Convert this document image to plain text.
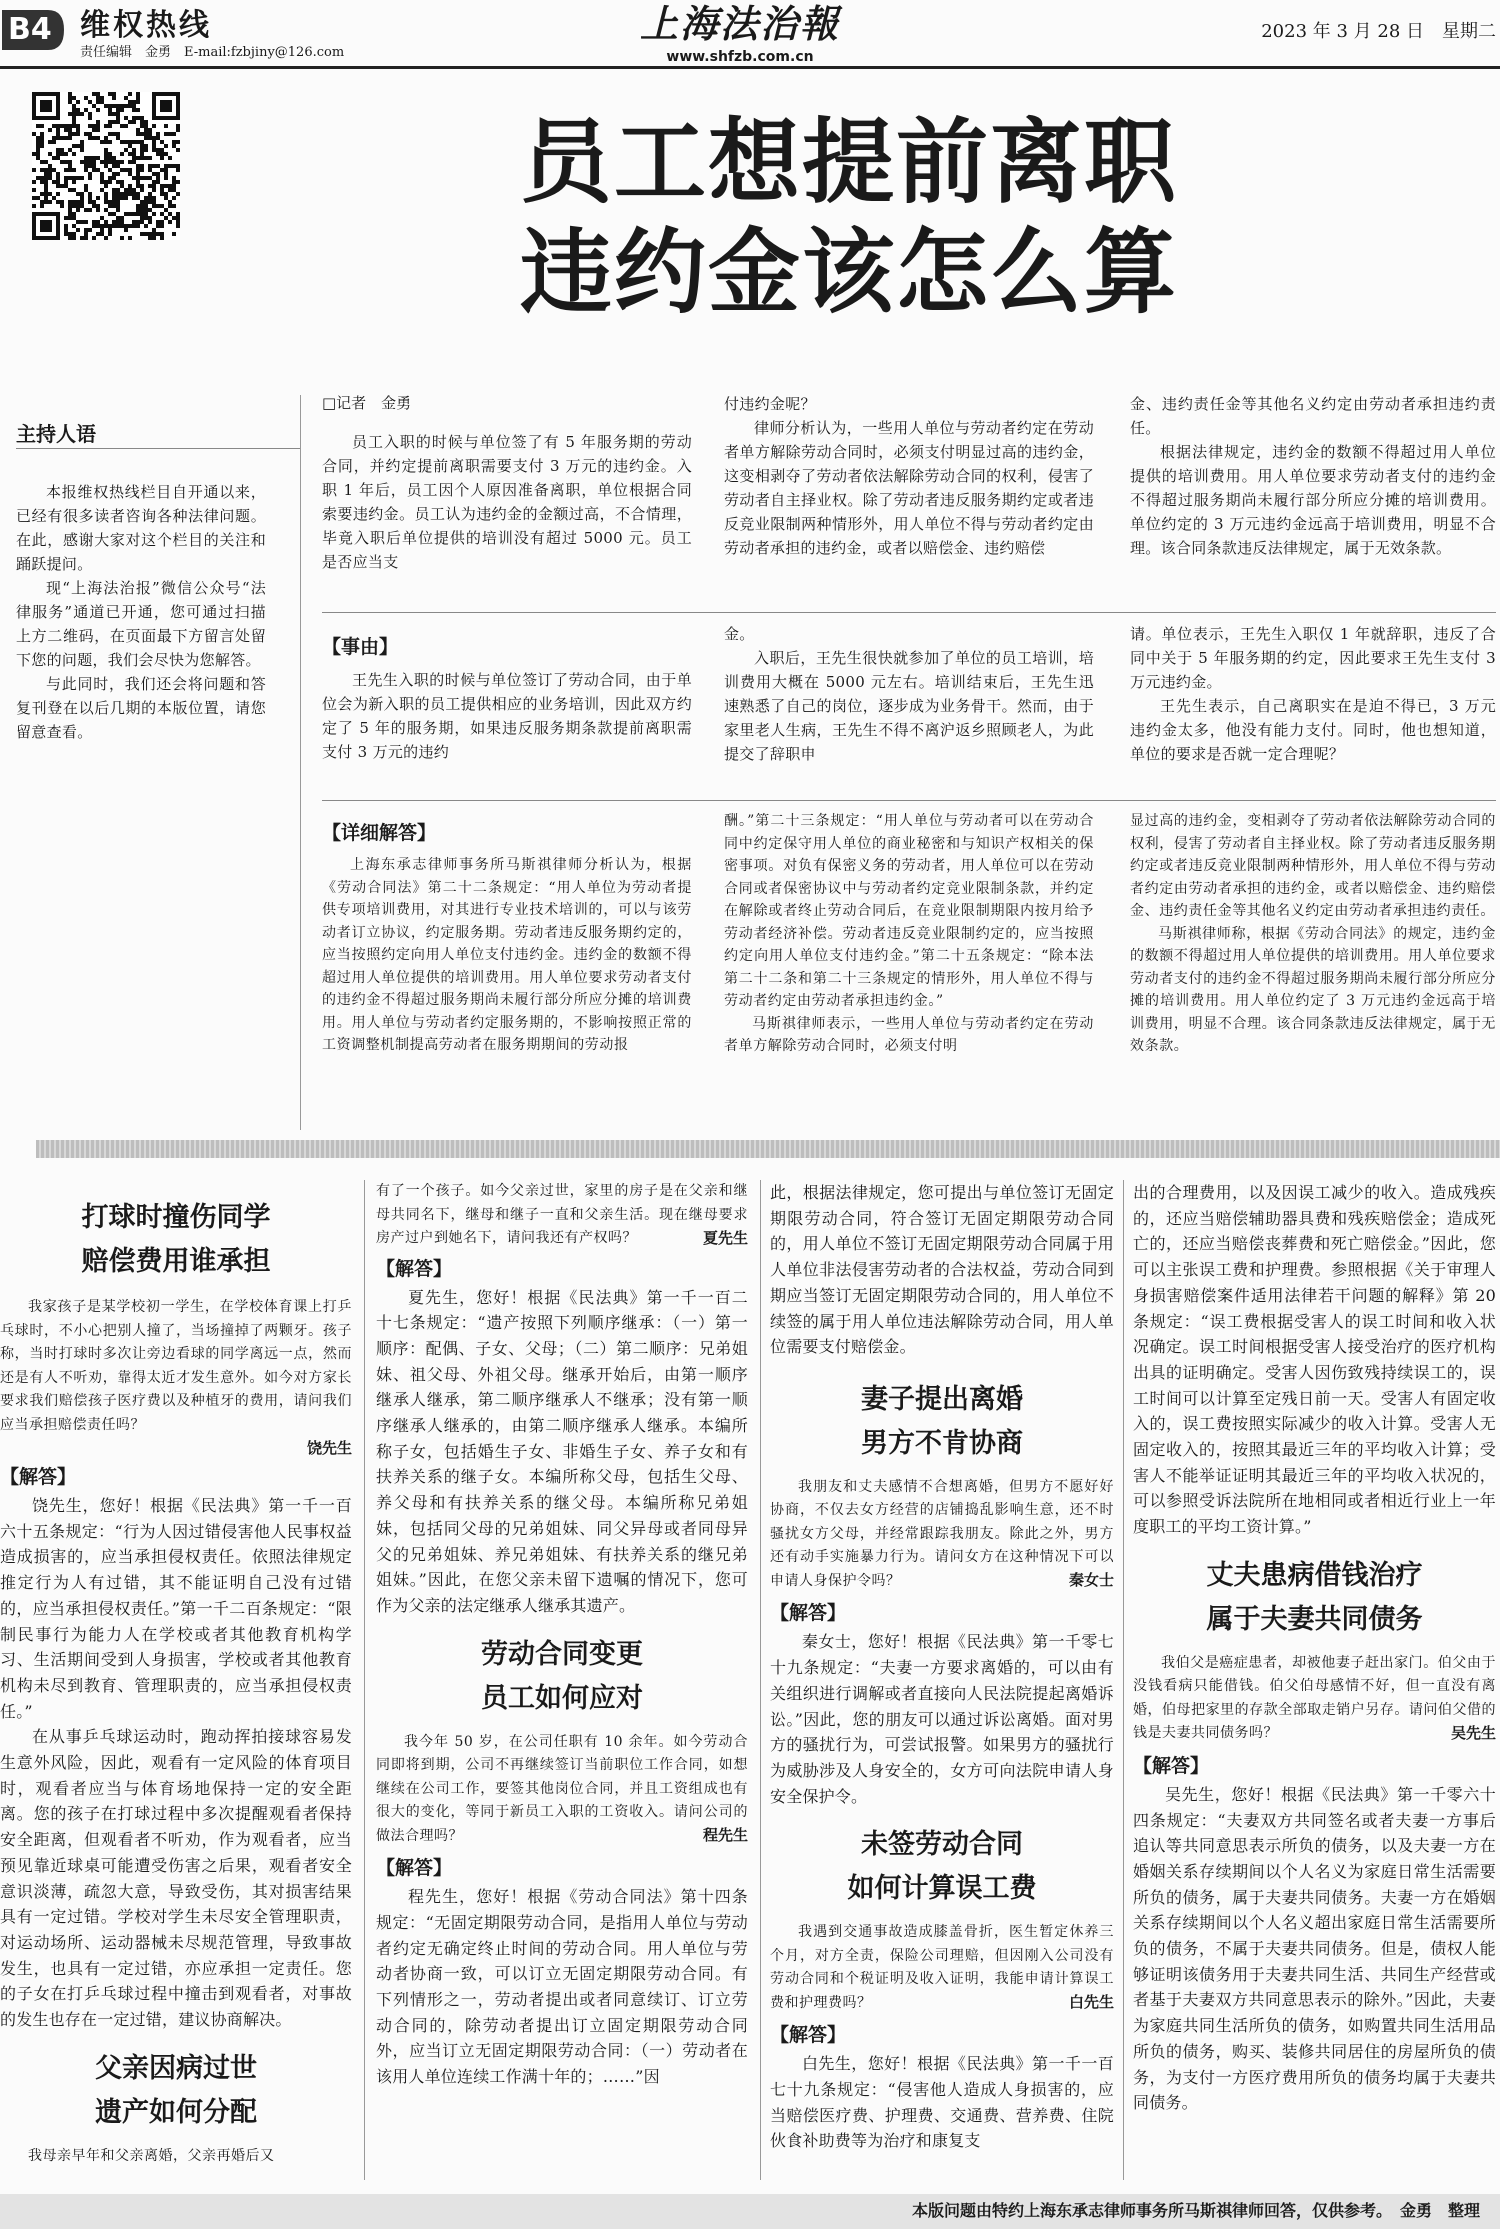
B4 维权热线
责任编辑　金勇　E-mail:fzbjiny@126.com
上海法治報
www.shfzb.com.cn
2023 年 3 月 28 日　星期二
员工想提前离职
违约金该怎么算
主持人语

本报维权热线栏目自开通以来，已经有很多读者咨询各种法律问题。在此，感谢大家对这个栏目的关注和踊跃提问。

现“上海法治报”微信公众号“法律服务”通道已开通，您可通过扫描上方二维码，在页面最下方留言处留下您的问题，我们会尽快为您解答。

与此同时，我们还会将问题和答复刊登在以后几期的本版位置，请您留意查看。

□记者　金勇

员工入职的时候与单位签了有 5 年服务期的劳动合同，并约定提前离职需要支付 3 万元的违约金。入职 1 年后，员工因个人原因准备离职，单位根据合同索要违约金。员工认为违约金的金额过高，不合情理，毕竟入职后单位提供的培训没有超过 5000 元。员工是否应当支

付违约金呢？

律师分析认为，一些用人单位与劳动者约定在劳动者单方解除劳动合同时，必须支付明显过高的违约金，这变相剥夺了劳动者依法解除劳动合同的权利，侵害了劳动者自主择业权。除了劳动者违反服务期约定或者违反竞业限制两种情形外，用人单位不得与劳动者约定由劳动者承担的违约金，或者以赔偿金、违约赔偿

金、违约责任金等其他名义约定由劳动者承担违约责任。

根据法律规定，违约金的数额不得超过用人单位提供的培训费用。用人单位要求劳动者支付的违约金不得超过服务期尚未履行部分所应分摊的培训费用。单位约定的 3 万元违约金远高于培训费用，明显不合理。该合同条款违反法律规定，属于无效条款。

【事由】

王先生入职的时候与单位签订了劳动合同，由于单位会为新入职的员工提供相应的业务培训，因此双方约定了 5 年的服务期，如果违反服务期条款提前离职需支付 3 万元的违约

金。

入职后，王先生很快就参加了单位的员工培训，培训费用大概在 5000 元左右。培训结束后，王先生迅速熟悉了自己的岗位，逐步成为业务骨干。然而，由于家里老人生病，王先生不得不离沪返乡照顾老人，为此提交了辞职申

请。单位表示，王先生入职仅 1 年就辞职，违反了合同中关于 5 年服务期的约定，因此要求王先生支付 3 万元违约金。

王先生表示，自己离职实在是迫不得已，3 万元违约金太多，他没有能力支付。同时，他也想知道，单位的要求是否就一定合理呢？

【详细解答】

上海东承志律师事务所马斯祺律师分析认为，根据《劳动合同法》第二十二条规定：“用人单位为劳动者提供专项培训费用，对其进行专业技术培训的，可以与该劳动者订立协议，约定服务期。劳动者违反服务期约定的，应当按照约定向用人单位支付违约金。违约金的数额不得超过用人单位提供的培训费用。用人单位要求劳动者支付的违约金不得超过服务期尚未履行部分所应分摊的培训费用。用人单位与劳动者约定服务期的，不影响按照正常的工资调整机制提高劳动者在服务期期间的劳动报

酬。”第二十三条规定：“用人单位与劳动者可以在劳动合同中约定保守用人单位的商业秘密和与知识产权相关的保密事项。对负有保密义务的劳动者，用人单位可以在劳动合同或者保密协议中与劳动者约定竞业限制条款，并约定在解除或者终止劳动合同后，在竞业限制期限内按月给予劳动者经济补偿。劳动者违反竞业限制约定的，应当按照约定向用人单位支付违约金。”第二十五条规定：“除本法第二十二条和第二十三条规定的情形外，用人单位不得与劳动者约定由劳动者承担违约金。”

马斯祺律师表示，一些用人单位与劳动者约定在劳动者单方解除劳动合同时，必须支付明

显过高的违约金，变相剥夺了劳动者依法解除劳动合同的权利，侵害了劳动者自主择业权。除了劳动者违反服务期约定或者违反竞业限制两种情形外，用人单位不得与劳动者约定由劳动者承担的违约金，或者以赔偿金、违约赔偿金、违约责任金等其他名义约定由劳动者承担违约责任。

马斯祺律师称，根据《劳动合同法》的规定，违约金的数额不得超过用人单位提供的培训费用。用人单位要求劳动者支付的违约金不得超过服务期尚未履行部分所应分摊的培训费用。用人单位约定了 3 万元违约金远高于培训费用，明显不合理。该合同条款违反法律规定，属于无效条款。

打球时撞伤同学
赔偿费用谁承担

我家孩子是某学校初一学生，在学校体育课上打乒乓球时，不小心把别人撞了，当场撞掉了两颗牙。孩子称，当时打球时多次让旁边看球的同学离远一点，然而还是有人不听劝，靠得太近才发生意外。如今对方家长要求我们赔偿孩子医疗费以及种植牙的费用，请问我们应当承担赔偿责任吗？

饶先生
【解答】

饶先生，您好！根据《民法典》第一千一百六十五条规定：“行为人因过错侵害他人民事权益造成损害的，应当承担侵权责任。依照法律规定推定行为人有过错，其不能证明自己没有过错的，应当承担侵权责任。”第一千二百条规定：“限制民事行为能力人在学校或者其他教育机构学习、生活期间受到人身损害，学校或者其他教育机构未尽到教育、管理职责的，应当承担侵权责任。”

在从事乒乓球运动时，跑动挥拍接球容易发生意外风险，因此，观看有一定风险的体育项目时，观看者应当与体育场地保持一定的安全距离。您的孩子在打球过程中多次提醒观看者保持安全距离，但观看者不听劝，作为观看者，应当预见靠近球桌可能遭受伤害之后果，观看者安全意识淡薄，疏忽大意，导致受伤，其对损害结果具有一定过错。学校对学生未尽安全管理职责，对运动场所、运动器械未尽规范管理，导致事故发生，也具有一定过错，亦应承担一定责任。您的子女在打乒乓球过程中撞击到观看者，对事故的发生也存在一定过错，建议协商解决。

父亲因病过世
遗产如何分配

我母亲早年和父亲离婚，父亲再婚后又

有了一个孩子。如今父亲过世，家里的房子是在父亲和继母共同名下，继母和继子一直和父亲生活。现在继母要求房产过户到她名下，请问我还有产权吗？	夏先生
【解答】

夏先生，您好！根据《民法典》第一千一百二十七条规定：“遗产按照下列顺序继承：（一）第一顺序：配偶、子女、父母；（二）第二顺序：兄弟姐妹、祖父母、外祖父母。继承开始后，由第一顺序继承人继承，第二顺序继承人不继承；没有第一顺序继承人继承的，由第二顺序继承人继承。本编所称子女，包括婚生子女、非婚生子女、养子女和有扶养关系的继子女。本编所称父母，包括生父母、养父母和有扶养关系的继父母。本编所称兄弟姐妹，包括同父母的兄弟姐妹、同父异母或者同母异父的兄弟姐妹、养兄弟姐妹、有扶养关系的继兄弟姐妹。”因此，在您父亲未留下遗嘱的情况下，您可作为父亲的法定继承人继承其遗产。

劳动合同变更
员工如何应对

我今年 50 岁，在公司任职有 10 余年。如今劳动合同即将到期，公司不再继续签订当前职位工作合同，如想继续在公司工作，要签其他岗位合同，并且工资组成也有很大的变化，等同于新员工入职的工资收入。请问公司的做法合理吗？	程先生
【解答】

程先生，您好！根据《劳动合同法》第十四条规定：“无固定期限劳动合同，是指用人单位与劳动者约定无确定终止时间的劳动合同。用人单位与劳动者协商一致，可以订立无固定期限劳动合同。有下列情形之一，劳动者提出或者同意续订、订立劳动合同的，除劳动者提出订立固定期限劳动合同外，应当订立无固定期限劳动合同：（一）劳动者在该用人单位连续工作满十年的；……”因

此，根据法律规定，您可提出与单位签订无固定期限劳动合同，符合签订无固定期限劳动合同的，用人单位不签订无固定期限劳动合同属于用人单位非法侵害劳动者的合法权益，劳动合同到期应当签订无固定期限劳动合同的，用人单位不续签的属于用人单位违法解除劳动合同，用人单位需要支付赔偿金。

妻子提出离婚
男方不肯协商

我朋友和丈夫感情不合想离婚，但男方不愿好好协商，不仅去女方经营的店铺捣乱影响生意，还不时骚扰女方父母，并经常跟踪我朋友。除此之外，男方还有动手实施暴力行为。请问女方在这种情况下可以申请人身保护令吗？	秦女士
【解答】

秦女士，您好！根据《民法典》第一千零七十九条规定：“夫妻一方要求离婚的，可以由有关组织进行调解或者直接向人民法院提起离婚诉讼。”因此，您的朋友可以通过诉讼离婚。面对男方的骚扰行为，可尝试报警。如果男方的骚扰行为威胁涉及人身安全的，女方可向法院申请人身安全保护令。

未签劳动合同
如何计算误工费

我遇到交通事故造成膝盖骨折，医生暂定休养三个月，对方全责，保险公司理赔，但因刚入公司没有劳动合同和个税证明及收入证明，我能申请计算误工费和护理费吗？	白先生
【解答】

白先生，您好！根据《民法典》第一千一百七十九条规定：“侵害他人造成人身损害的，应当赔偿医疗费、护理费、交通费、营养费、住院伙食补助费等为治疗和康复支

出的合理费用，以及因误工减少的收入。造成残疾的，还应当赔偿辅助器具费和残疾赔偿金；造成死亡的，还应当赔偿丧葬费和死亡赔偿金。”因此，您可以主张误工费和护理费。参照根据《关于审理人身损害赔偿案件适用法律若干问题的解释》第 20 条规定：“误工费根据受害人的误工时间和收入状况确定。误工时间根据受害人接受治疗的医疗机构出具的证明确定。受害人因伤致残持续误工的，误工时间可以计算至定残日前一天。受害人有固定收入的，误工费按照实际减少的收入计算。受害人无固定收入的，按照其最近三年的平均收入计算；受害人不能举证证明其最近三年的平均收入状况的，可以参照受诉法院所在地相同或者相近行业上一年度职工的平均工资计算。”

丈夫患病借钱治疗
属于夫妻共同债务

我伯父是癌症患者，却被他妻子赶出家门。伯父由于没钱看病只能借钱。伯父伯母感情不好，但一直没有离婚，伯母把家里的存款全部取走销户另存。请问伯父借的钱是夫妻共同债务吗？	吴先生
【解答】

吴先生，您好！根据《民法典》第一千零六十四条规定：“夫妻双方共同签名或者夫妻一方事后追认等共同意思表示所负的债务，以及夫妻一方在婚姻关系存续期间以个人名义为家庭日常生活需要所负的债务，属于夫妻共同债务。夫妻一方在婚姻关系存续期间以个人名义超出家庭日常生活需要所负的债务，不属于夫妻共同债务。但是，债权人能够证明该债务用于夫妻共同生活、共同生产经营或者基于夫妻双方共同意思表示的除外。”因此，夫妻为家庭共同生活所负的债务，如购置共同生活用品所负的债务，购买、装修共同居住的房屋所负的债务，为支付一方医疗费用所负的债务均属于夫妻共同债务。

本版问题由特约上海东承志律师事务所马斯祺律师回答，仅供参考。　金勇　整理
